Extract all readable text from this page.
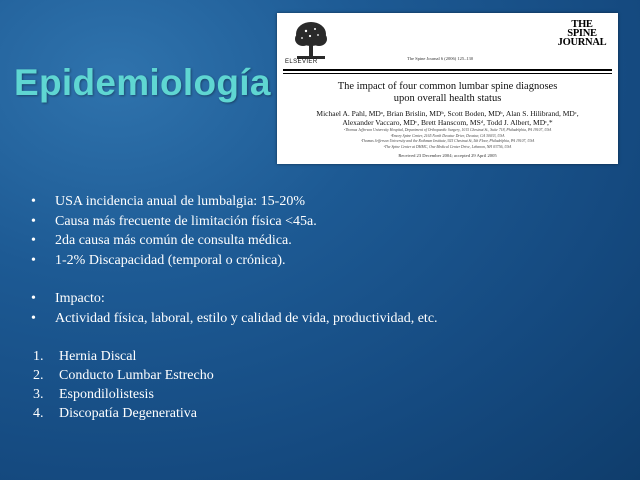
Epidemiología ELSEVIER
The Spine Journal 6 (2006) 125–130
THE
SPINE
JOURNAL
The impact of four common lumbar spine diagnoses
upon overall health status
Michael A. Pahl, MDᵃ, Brian Brislin, MDᵇ, Scott Boden, MDᵇ, Alan S. Hilibrand, MDᶜ,
Alexander Vaccaro, MDᶜ, Brett Hanscom, MSᵈ, Todd J. Albert, MDᶜ,*
ᵃThomas Jefferson University Hospital, Department of Orthopaedic Surgery, 1015 Chestnut St., Suite 718, Philadelphia, PA 19107, USA
ᵇEmory Spine Center, 2165 North Decatur Drive, Decatur, GA 30033, USA
ᶜThomas Jefferson University and the Rothman Institute, 925 Chestnut St, 5th Floor, Philadelphia, PA 19107, USA
ᵈThe Spine Center at DHMC, One Medical Center Drive, Lebanon, NH 03756, USA
Received 23 December 2004; accepted 29 April 2005
• USA incidencia anual de lumbalgia: 15-20%
• Causa más frecuente de limitación física <45a.
• 2da causa más común de consulta médica.
• 1-2% Discapacidad (temporal o crónica).
• Impacto:
• Actividad física, laboral, estilo y calidad de vida, productividad, etc.
1. Hernia Discal
2. Conducto Lumbar Estrecho
3. Espondilolistesis
4. Discopatía Degenerativa
